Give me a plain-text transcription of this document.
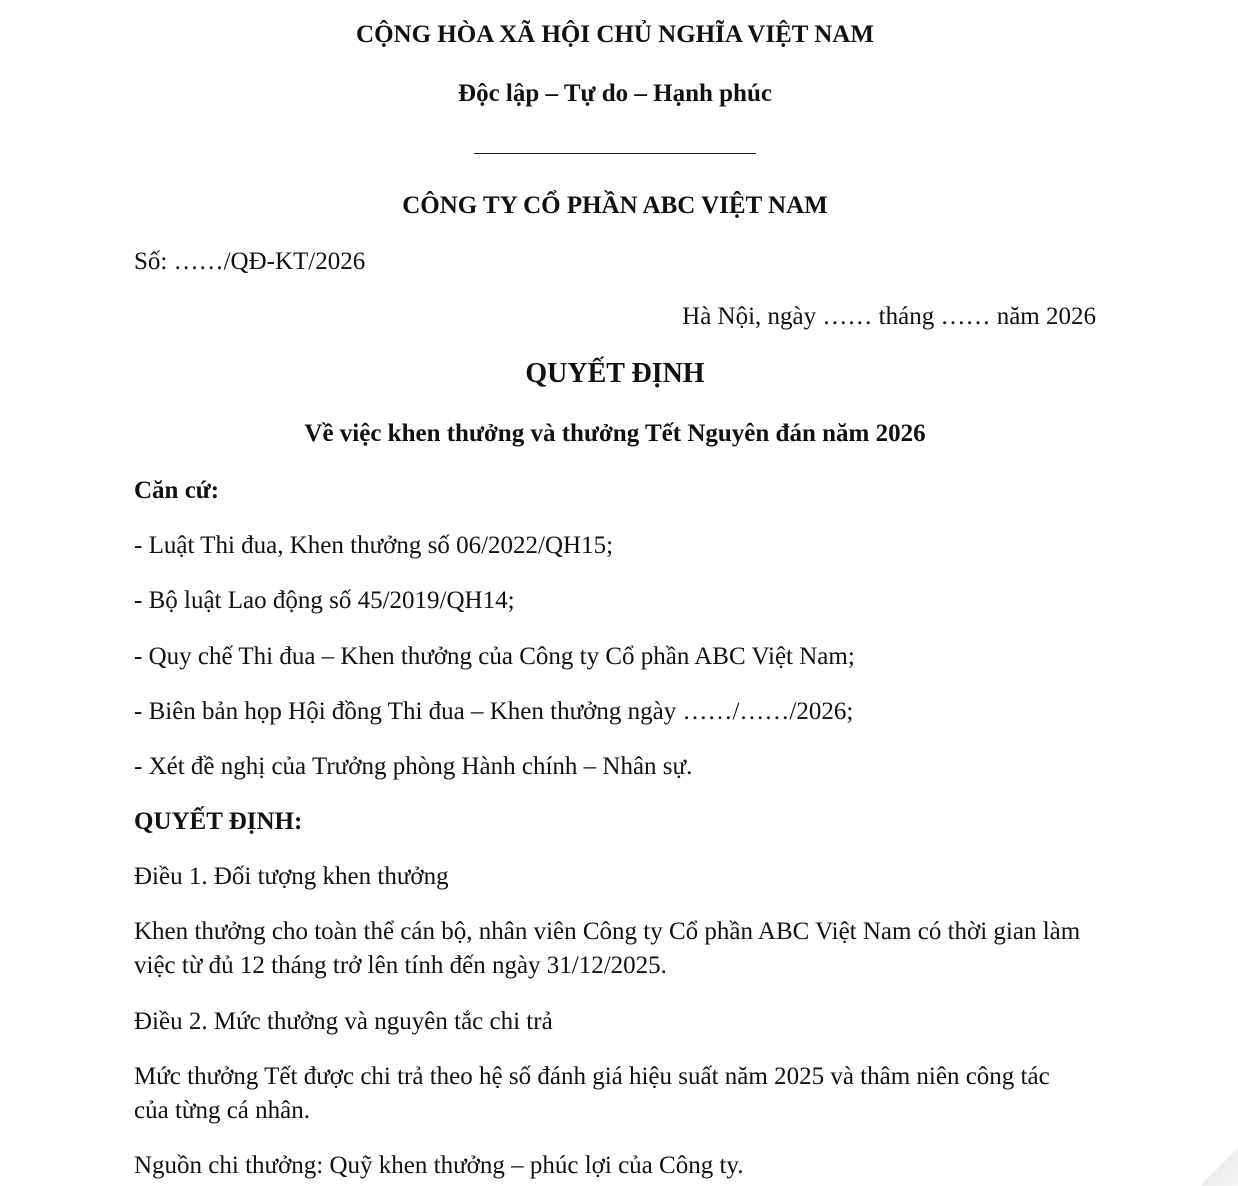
CỘNG HÒA XÃ HỘI CHỦ NGHĨA VIỆT NAM
Độc lập – Tự do – Hạnh phúc
CÔNG TY CỔ PHẦN ABC VIỆT NAM
Số: ……/QĐ-KT/2026
Hà Nội, ngày …… tháng …… năm 2026
QUYẾT ĐỊNH
Về việc khen thưởng và thưởng Tết Nguyên đán năm 2026
Căn cứ:
- Luật Thi đua, Khen thưởng số 06/2022/QH15;
- Bộ luật Lao động số 45/2019/QH14;
- Quy chế Thi đua – Khen thưởng của Công ty Cổ phần ABC Việt Nam;
- Biên bản họp Hội đồng Thi đua – Khen thưởng ngày ……/……/2026;
- Xét đề nghị của Trưởng phòng Hành chính – Nhân sự.
QUYẾT ĐỊNH:
Điều 1. Đối tượng khen thưởng
Khen thưởng cho toàn thể cán bộ, nhân viên Công ty Cổ phần ABC Việt Nam có thời gian làm việc từ đủ 12 tháng trở lên tính đến ngày 31/12/2025.
Điều 2. Mức thưởng và nguyên tắc chi trả
Mức thưởng Tết được chi trả theo hệ số đánh giá hiệu suất năm 2025 và thâm niên công tác của từng cá nhân.
Nguồn chi thưởng: Quỹ khen thưởng – phúc lợi của Công ty.
